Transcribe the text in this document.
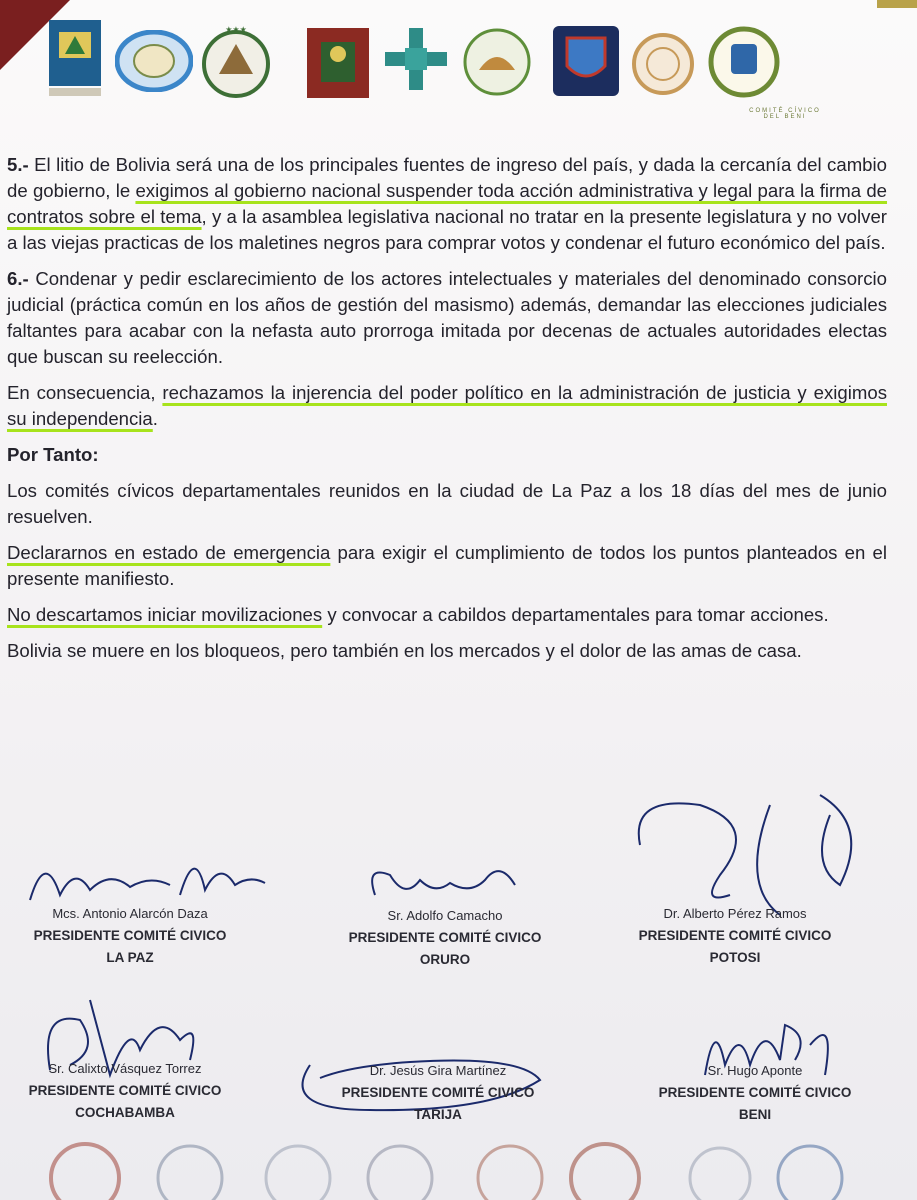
★★★
COMITÉ CÍVICO DEL BENI

5.- El litio de Bolivia será una de los principales fuentes de ingreso del país, y dada la cercanía del cambio de gobierno, le exigimos al gobierno nacional suspender toda acción administrativa y legal para la firma de contratos sobre el tema, y a la asamblea legislativa nacional no tratar en la presente legislatura y no volver a las viejas practicas de los maletines negros para comprar votos y condenar el futuro económico del país.

6.- Condenar y pedir esclarecimiento de los actores intelectuales y materiales del denominado consorcio judicial (práctica común en los años de gestión del masismo) además, demandar las elecciones judiciales faltantes para acabar con la nefasta auto prorroga imitada por decenas de actuales autoridades electas que buscan su reelección.

En consecuencia, rechazamos la injerencia del poder político en la administración de justicia y exigimos su independencia.

Por Tanto:

Los comités cívicos departamentales reunidos en la ciudad de La Paz a los 18 días del mes de junio resuelven.

Declararnos en estado de emergencia para exigir el cumplimiento de todos los puntos planteados en el presente manifiesto.

No descartamos iniciar movilizaciones y convocar a cabildos departamentales para tomar acciones.

Bolivia se muere en los bloqueos, pero también en los mercados y el dolor de las amas de casa.

Mcs. Antonio Alarcón Daza
PRESIDENTE COMITÉ CIVICO
LA PAZ
Sr. Adolfo Camacho
PRESIDENTE COMITÉ CIVICO
ORURO
Dr. Alberto Pérez Ramos
PRESIDENTE COMITÉ CIVICO
POTOSI
Sr. Calixto Vásquez Torrez
PRESIDENTE COMITÉ CIVICO
COCHABAMBA
Dr. Jesús Gira Martínez
PRESIDENTE COMITÉ CIVICO
TARIJA
Sr. Hugo Aponte
PRESIDENTE COMITÉ CIVICO
BENI
